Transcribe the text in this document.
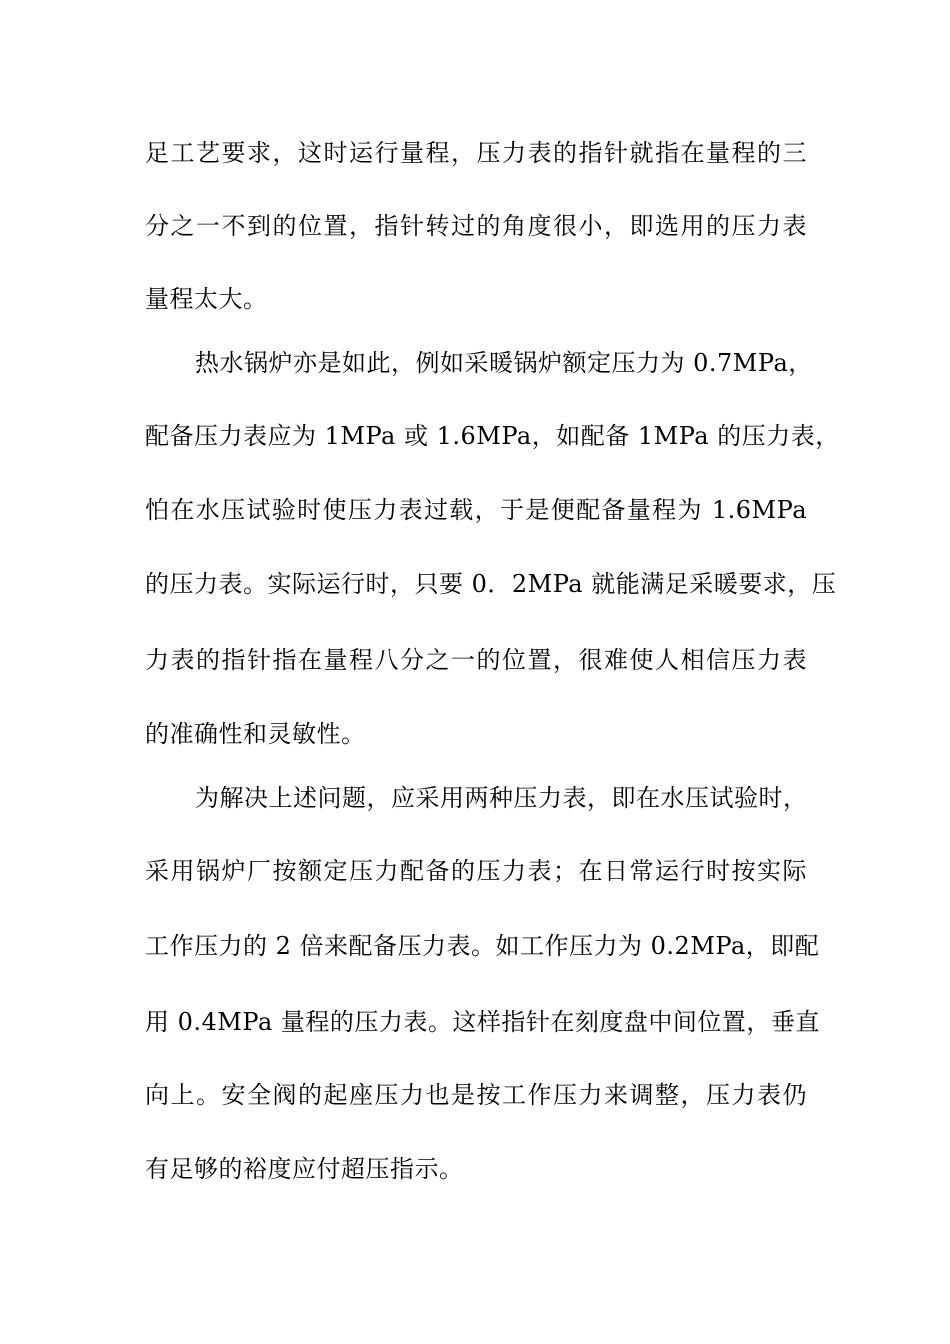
足工艺要求，这时运行量程，压力表的指针就指在量程的三
分之一不到的位置，指针转过的角度很小，即选用的压力表
量程太大。
热水锅炉亦是如此，例如采暖锅炉额定压力为 0.7MPa，
配备压力表应为 1MPa 或 1.6MPa，如配备 1MPa 的压力表，
怕在水压试验时使压力表过载，于是便配备量程为 1.6MPa
的压力表。实际运行时，只要 0．2MPa 就能满足采暖要求，压
力表的指针指在量程八分之一的位置，很难使人相信压力表
的准确性和灵敏性。
为解决上述问题，应采用两种压力表，即在水压试验时，
采用锅炉厂按额定压力配备的压力表；在日常运行时按实际
工作压力的 2 倍来配备压力表。如工作压力为 0.2MPa，即配
用 0.4MPa 量程的压力表。这样指针在刻度盘中间位置，垂直
向上。安全阀的起座压力也是按工作压力来调整，压力表仍
有足够的裕度应付超压指示。
